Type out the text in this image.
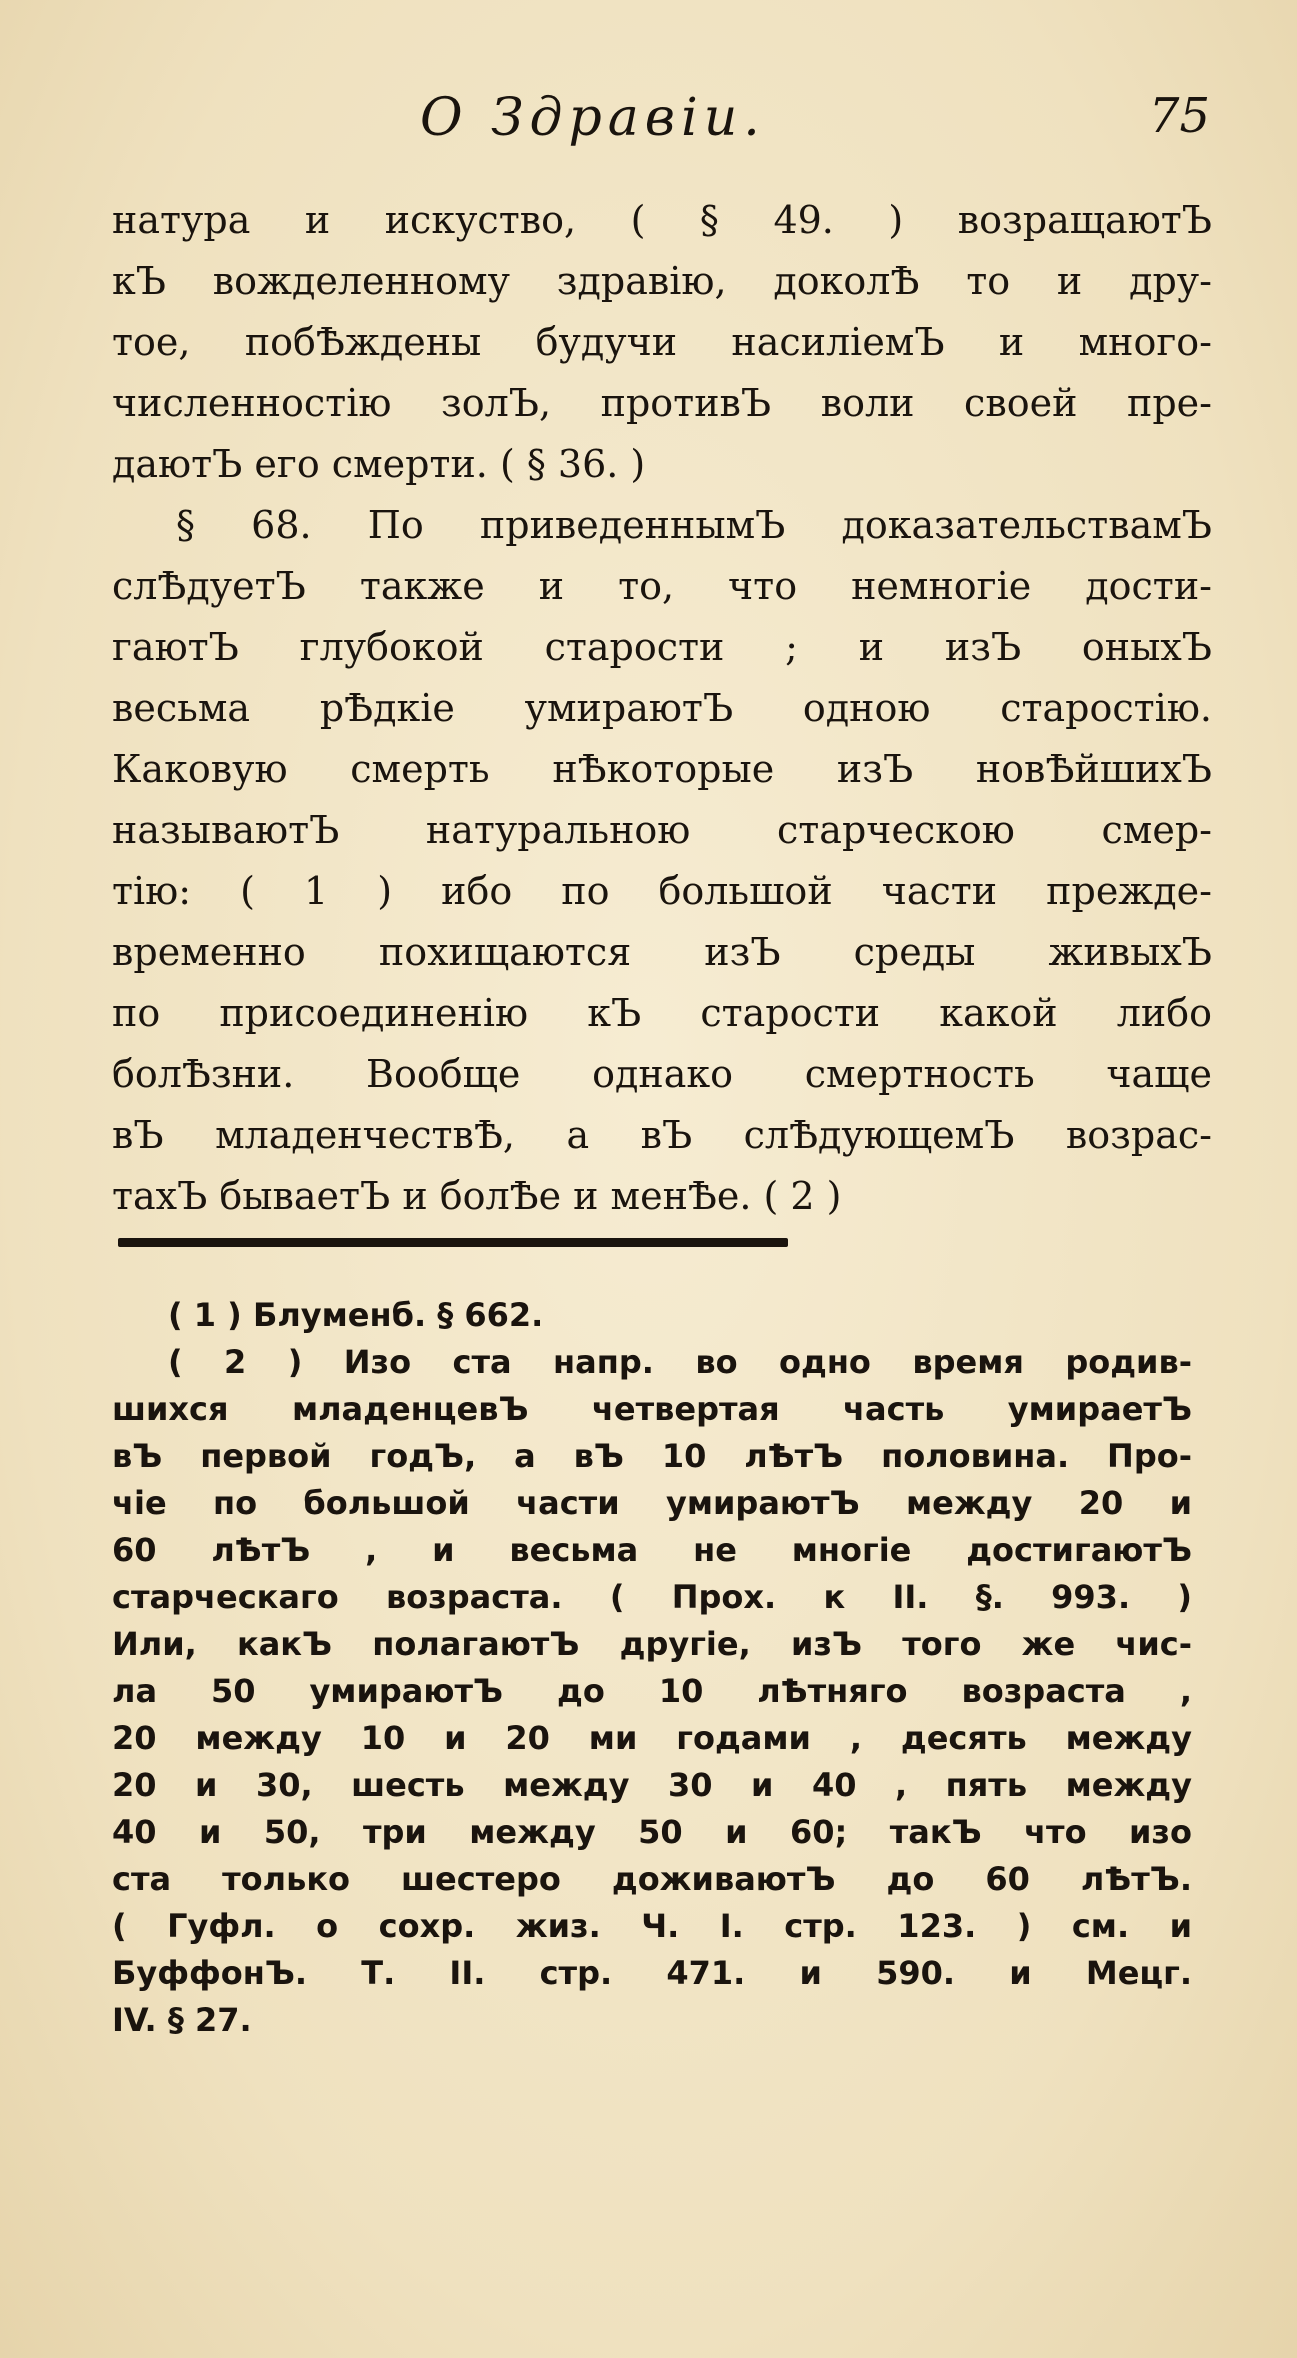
О Здравіи.	75
натура и искуство, ( § 49. ) возращаютЪ
кЪ вожделенному здравію, доколѢ то и дру-
тое, побѢждены будучи насиліемЪ и много-
численностію золЪ, противЪ воли своей пре-
даютЪ его смерти. ( § 36. )
§ 68. По приведеннымЪ доказательствамЪ
слѢдуетЪ также и то, что немногіе дости-
гаютЪ глубокой старости ; и изЪ оныхЪ
весьма рѢдкіе умираютЪ одною старостію.
Каковую смерть нѢкоторые изЪ новѢйшихЪ
называютЪ натуральною старческою смер-
тію: ( 1 ) ибо по большой части прежде-
временно похищаются изЪ среды живыхЪ
по присоединенію кЪ старости какой либо
болѢзни. Вообще однако смертность чаще
вЪ младенчествѢ, а вЪ слѢдующемЪ возрас-
тахЪ бываетЪ и болѢе и менѢе. ( 2 )
( 1 ) Блуменб. § 662.
( 2 ) Изо ста напр. во одно время родив-
шихся младенцевЪ четвертая часть умираетЪ
вЪ первой годЪ, а вЪ 10 лѢтЪ половина. Про-
чіе по большой части умираютЪ между 20 и
60 лѢтЪ , и весьма не многіе достигаютЪ
старческаго возраста. ( Прох. к II. §. 993. )
Или, какЪ полагаютЪ другіе, изЪ того же чис-
ла 50 умираютЪ до 10 лѢтняго возраста ,
20 между 10 и 20 ми годами , десять между
20 и 30, шесть между 30 и 40 , пять между
40 и 50, три между 50 и 60; такЪ что изо
ста только шестеро доживаютЪ до 60 лѢтЪ.
( Гуфл. о сохр. жиз. Ч. I. стр. 123. ) см. и
БуффонЪ. Т. II. стр. 471. и 590. и Мецг.
IV. § 27.
